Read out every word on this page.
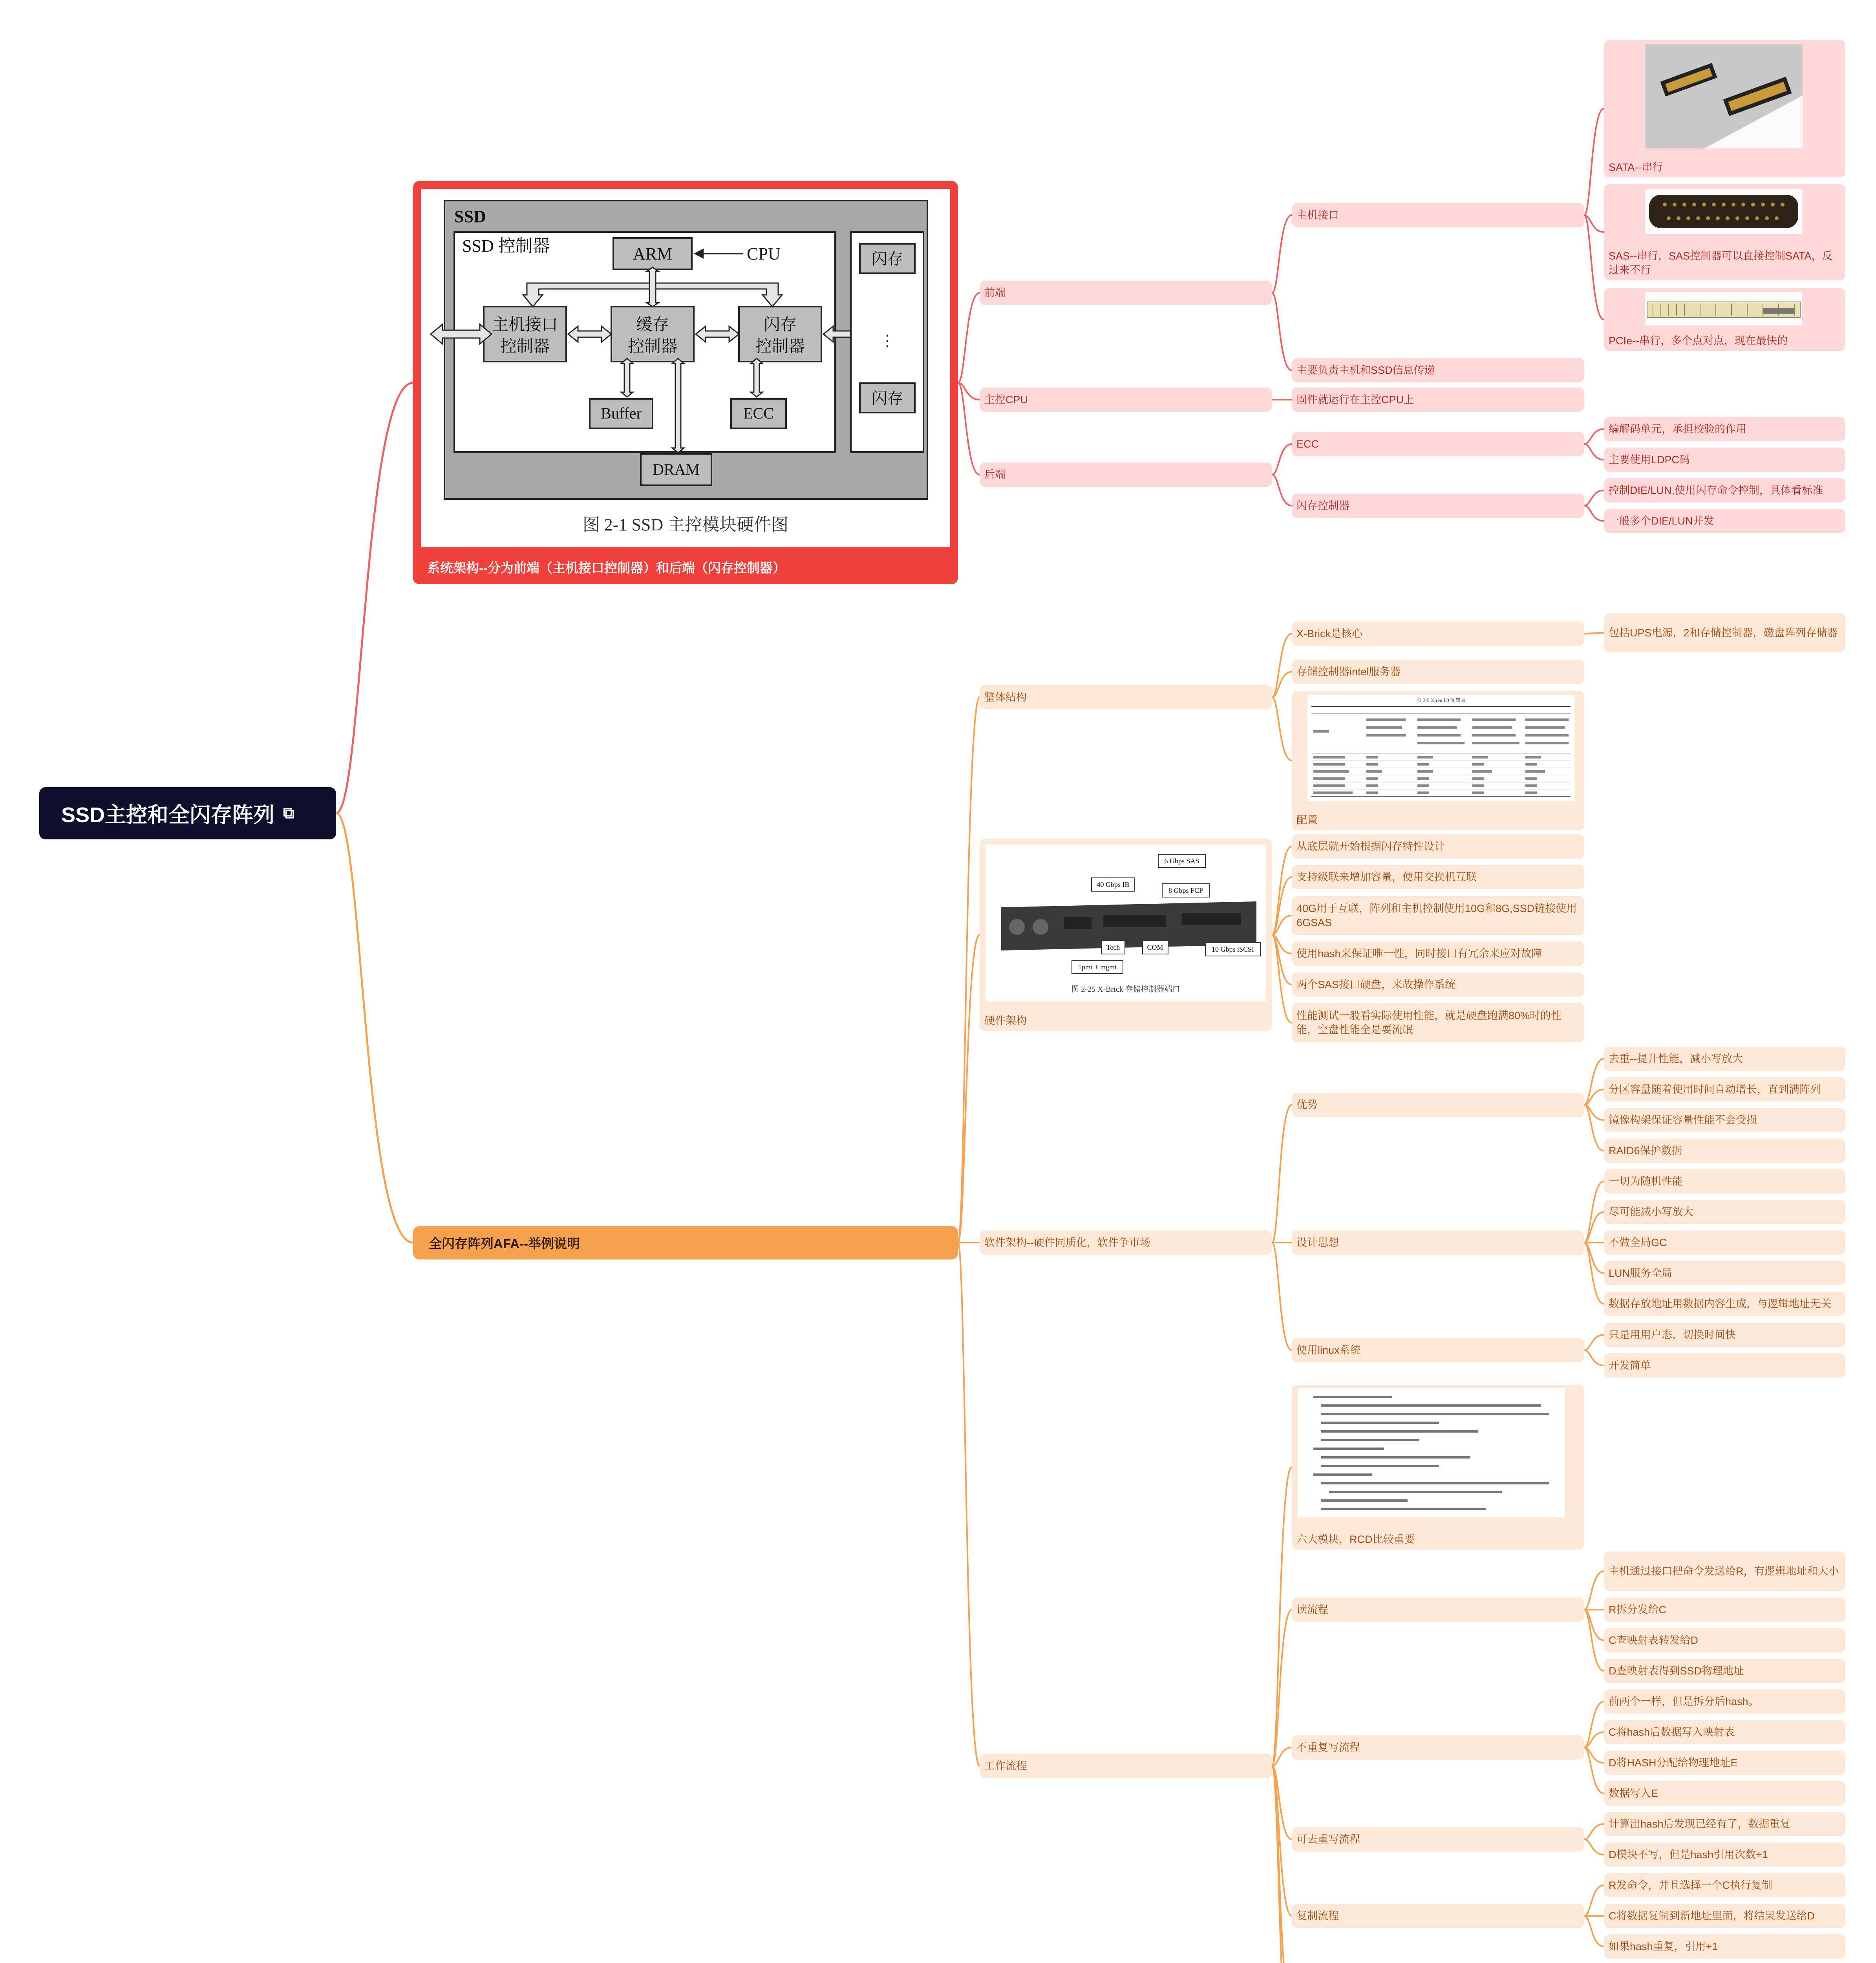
SSD主控和全闪存阵列 ⧉
SSD
SSD 控制器	ARM	CPU
主机接口
控制器
缓存
控制器
闪存
控制器
Buffer	ECC
DRAM
闪存
⋮
闪存
图 2-1 SSD 主控模块硬件图
系统架构--分为前端（主机接口控制器）和后端（闪存控制器）
全闪存阵列AFA--举例说明
前端
主机接口
SATA--串行
SAS--串行，SAS控制器可以直接控制SATA，反过来不行
PCIe--串行，多个点对点，现在最快的
主要负责主机和SSD信息传递
主控CPU	固件就运行在主控CPU上
后端
ECC
编解码单元，承担校验的作用
主要使用LDPC码
闪存控制器
控制DIE/LUN,使用闪存命令控制，具体看标准
一般多个DIE/LUN并发
整体结构
X-Brick是核心	包括UPS电源，2和存储控制器，磁盘阵列存储器
存储控制器intel服务器
表 2-5 XtremIO 配置表
配置
6 Gbps SAS
40 Gbps IB
8 Gbps FCP
Tech	COM	10 Gbps iSCSI
1pmi + mgmt
图 2-25 X-Brick 存储控制器端口
硬件架构
从底层就开始根据闪存特性设计
支持级联来增加容量，使用交换机互联
40G用于互联，阵列和主机控制使用10G和8G,SSD链接使用6GSAS
使用hash来保证唯一性，同时接口有冗余来应对故障
两个SAS接口硬盘，来故操作系统
性能测试一般看实际使用性能，就是硬盘跑满80%时的性能，空盘性能全是耍流氓
软件架构--硬件同质化，软件争市场
优势
去重--提升性能，减小写放大
分区容量随着使用时间自动增长，直到满阵列
镜像构架保证容量性能不会受损
RAID6保护数据
设计思想
一切为随机性能
尽可能减小写放大
不做全局GC
LUN服务全局
数据存放地址用数据内容生成，与逻辑地址无关
使用linux系统
只是用用户态，切换时间快
开发简单
工作流程
六大模块，RCD比较重要
读流程
主机通过接口把命令发送给R，有逻辑地址和大小
R拆分发给C
C查映射表转发给D
D查映射表得到SSD物理地址
不重复写流程
前两个一样，但是拆分后hash。
C将hash后数据写入映射表
D将HASH分配给物理地址E
数据写入E
可去重写流程
计算出hash后发现已经有了，数据重复
D模块不写，但是hash引用次数+1
复制流程
R发命令，并且选择一个C执行复制
C将数据复制到新地址里面，将结果发送给D
如果hash重复，引用+1
